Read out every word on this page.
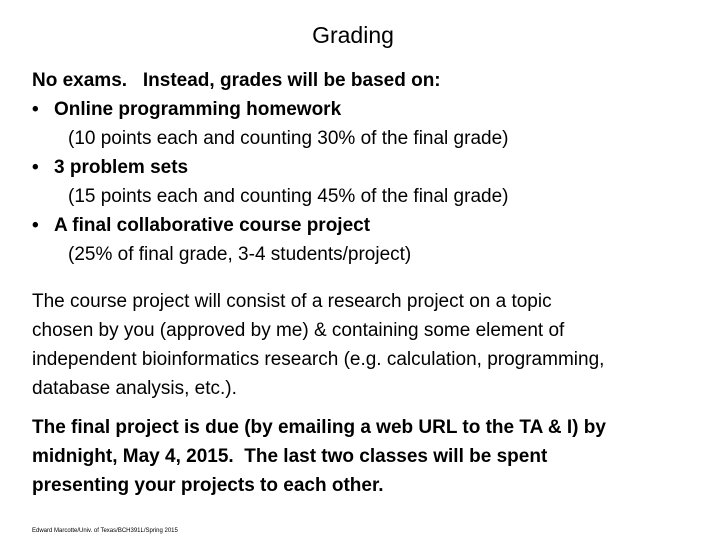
Grading
No exams.   Instead, grades will be based on:
• Online programming homework
(10 points each and counting 30% of the final grade)
• 3 problem sets
(15 points each and counting 45% of the final grade)
• A final collaborative course project
(25% of final grade, 3-4 students/project)
The course project will consist of a research project on a topic
chosen by you (approved by me) & containing some element of
independent bioinformatics research (e.g. calculation, programming,
database analysis, etc.).
The final project is due (by emailing a web URL to the TA & I) by
midnight, May 4, 2015.  The last two classes will be spent
presenting your projects to each other.
Edward Marcotte/Univ. of Texas/BCH391L/Spring 2015
